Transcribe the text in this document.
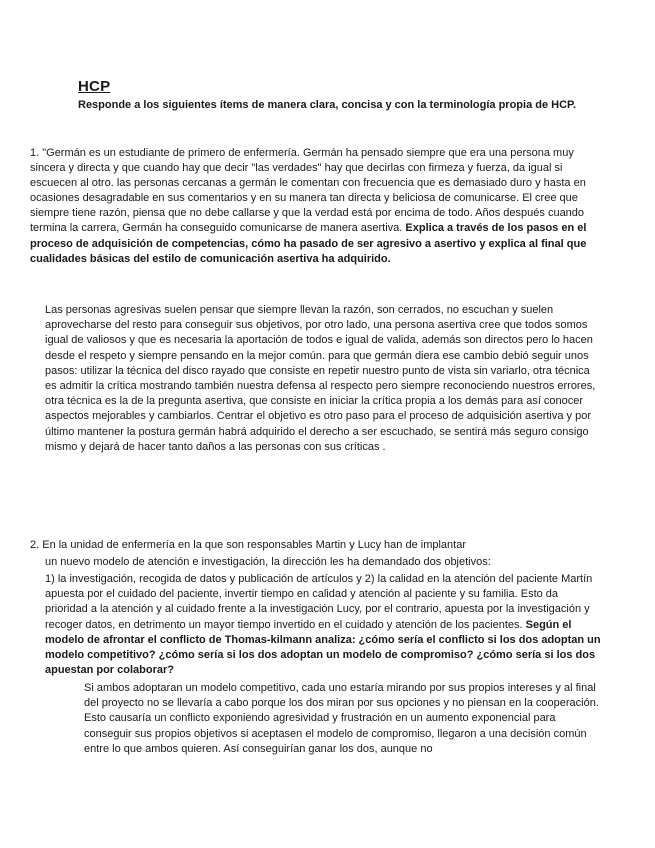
HCP
Responde a los siguientes ítems de manera clara, concisa y con la terminología propia de HCP.
1. "Germán es un estudiante de primero de enfermería. Germán ha pensado siempre que era una persona muy sincera y directa y que cuando hay que decir "las verdades" hay que decirlas con firmeza y fuerza, da igual si escuecen al otro. las personas cercanas a germán le comentan con frecuencia que es demasiado duro y hasta en ocasiones desagradable en sus comentarios y en su manera tan directa y beliciosa de comunicarse. El cree que siempre tiene razón, piensa que no debe callarse y que la verdad está por encima de todo. Años después cuando termina la carrera, Germán ha conseguido comunicarse de manera asertiva. Explica a través de los pasos en el proceso de adquisición de competencias, cómo ha pasado de ser agresivo a asertivo y explica al final que cualidades básicas del estilo de comunicación asertiva ha adquirido.
Las personas agresivas suelen pensar que siempre llevan la razón, son cerrados, no escuchan y suelen aprovecharse del resto para conseguir sus objetivos, por otro lado, una persona asertiva cree que todos somos igual de valiosos y que es necesaria la aportación de todos e igual de valida, además son directos pero lo hacen desde el respeto y siempre pensando en la mejor común. para que germán diera ese cambio debió seguir unos pasos: utilizar la técnica del disco rayado que consiste en repetir nuestro punto de vista sin variarlo, otra técnica es admitir la crítica mostrando también nuestra defensa al respecto pero siempre reconociendo nuestros errores, otra técnica es la de la pregunta asertiva, que consiste en iniciar la crítica propia a los demás para así conocer aspectos mejorables y cambiarlos. Centrar el objetivo es otro paso para el proceso de adquisición asertiva y por último mantener la postura germán habrá adquirido el derecho a ser escuchado, se sentirá más seguro consigo mismo y dejará de hacer tanto daños a las personas con sus críticas .
2. En la unidad de enfermería en la que son responsables Martin y Lucy han de implantar
un nuevo modelo de atención e investigación, la dirección les ha demandado dos objetivos:
1) la investigación, recogida de datos y publicación de artículos y 2) la calidad en la atención del paciente Martín apuesta por el cuidado del paciente, invertir tiempo en calidad y atención al paciente y su familia. Esto da prioridad a la atención y al cuidado frente a la investigación Lucy, por el contrario, apuesta por la investigación y recoger datos, en detrimento un mayor tiempo invertido en el cuidado y atención de los pacientes. Según el modelo de afrontar el conflicto de Thomas-kilmann analiza: ¿cómo sería el conflicto si los dos adoptan un modelo competitivo? ¿cómo sería si los dos adoptan un modelo de compromiso? ¿cómo sería si los dos apuestan por colaborar?
Si ambos adoptaran un modelo competitivo, cada uno estaría mirando por sus propios intereses y al final del proyecto no se llevaría a cabo porque los dos miran por sus opciones y no piensan en la cooperación. Esto causaría un conflicto exponiendo agresividad y frustración en un aumento exponencial para conseguir sus propios objetivos si aceptasen el modelo de compromiso, llegaron a una decisión común entre lo que ambos quieren. Así conseguirían ganar los dos, aunque no
